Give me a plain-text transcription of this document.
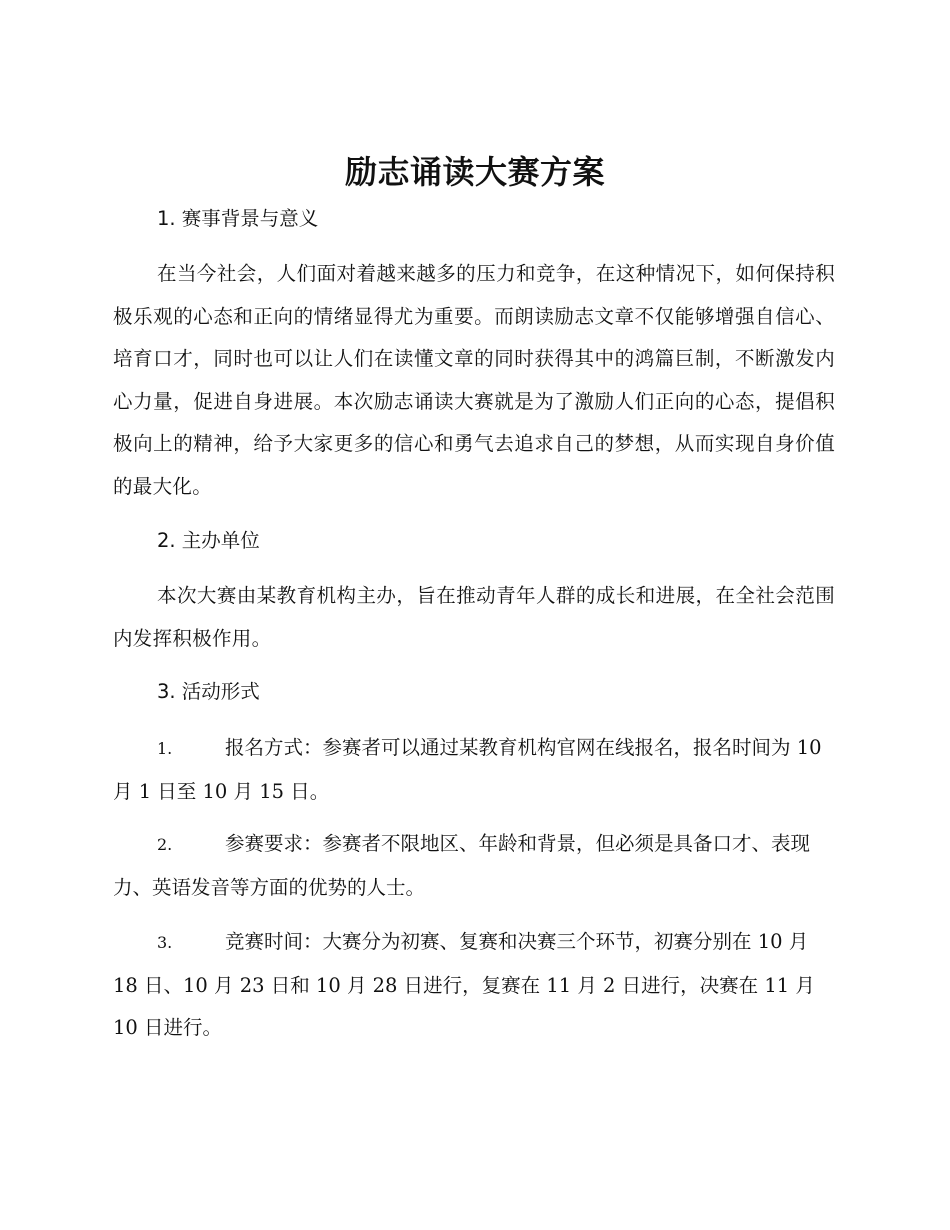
励志诵读大赛方案
1. 赛事背景与意义

在当今社会，人们面对着越来越多的压力和竞争，在这种情况下，如何保持积极乐观的心态和正向的情绪显得尤为重要。而朗读励志文章不仅能够增强自信心、培育口才，同时也可以让人们在读懂文章的同时获得其中的鸿篇巨制，不断激发内心力量，促进自身进展。本次励志诵读大赛就是为了激励人们正向的心态，提倡积极向上的精神，给予大家更多的信心和勇气去追求自己的梦想，从而实现自身价值的最大化。

2. 主办单位

本次大赛由某教育机构主办，旨在推动青年人群的成长和进展，在全社会范围内发挥积极作用。

3. 活动形式

1.	报名方式：参赛者可以通过某教育机构官网在线报名，报名时间为 10 月 1 日至 10 月 15 日。

2.	参赛要求：参赛者不限地区、年龄和背景，但必须是具备口才、表现力、英语发音等方面的优势的人士。

3.	竞赛时间：大赛分为初赛、复赛和决赛三个环节，初赛分别在 10 月 18 日、10 月 23 日和 10 月 28 日进行，复赛在 11 月 2 日进行，决赛在 11 月 10 日进行。
